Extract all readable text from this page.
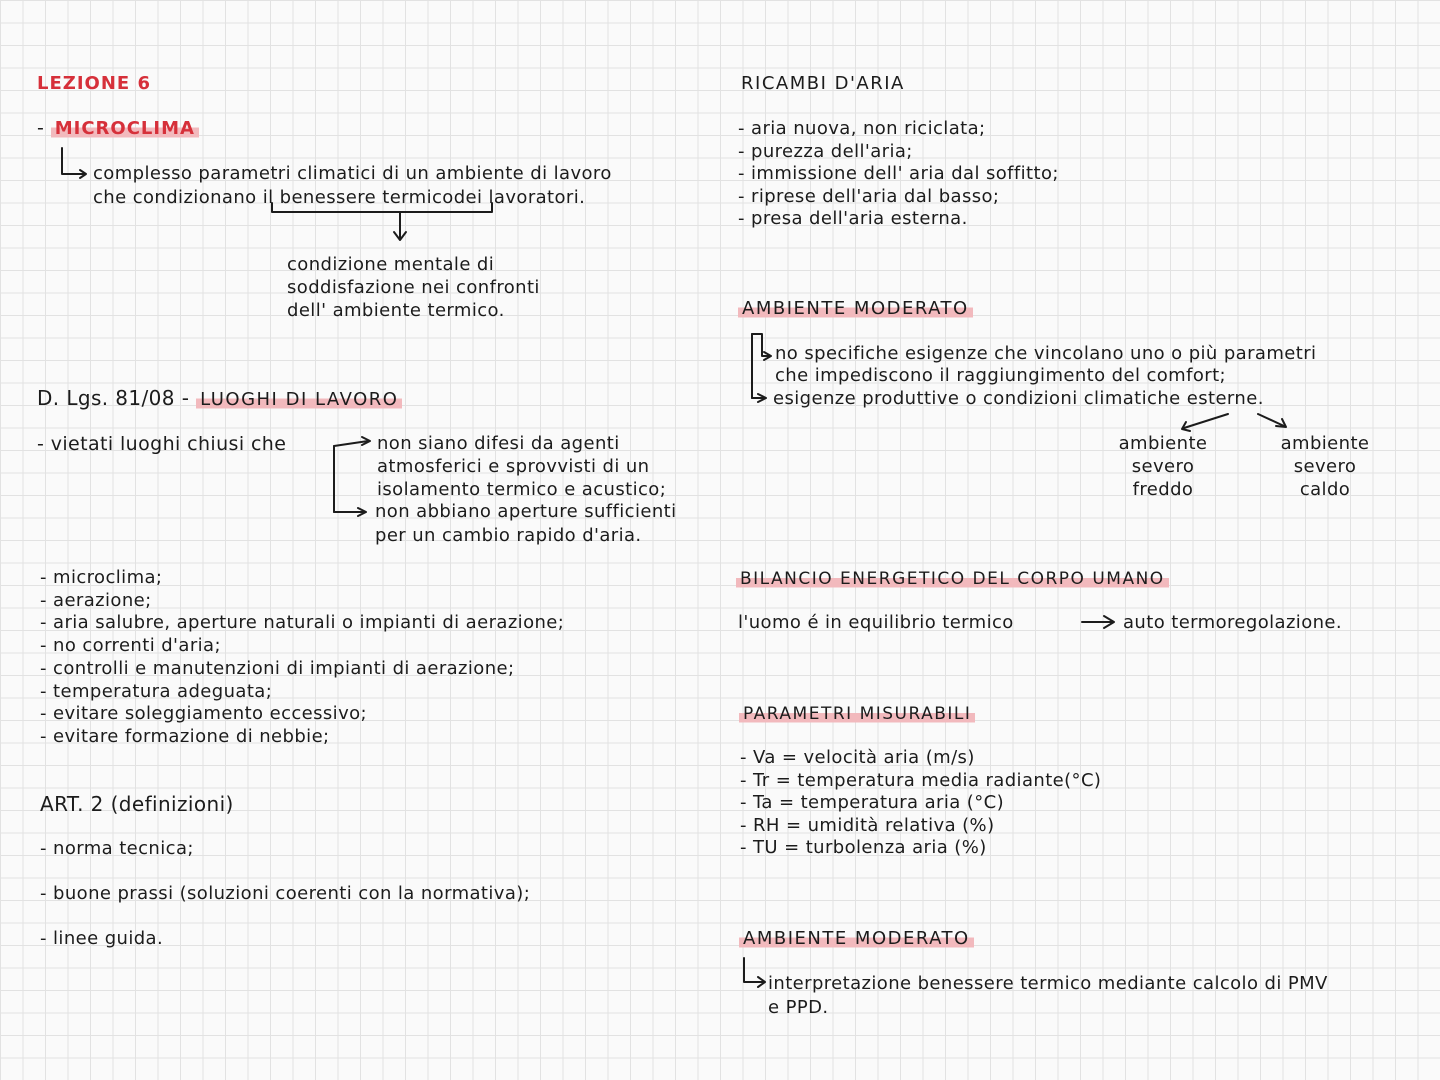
LEZIONE 6
- MICROCLIMA
complesso parametri climatici di un ambiente di lavoro
che condizionano il benessere termicodei lavoratori.
condizione mentale di
soddisfazione nei confronti
dell' ambiente termico.
D. Lgs. 81/08 - LUOGHI DI LAVORO
- vietati luoghi chiusi che	non siano difesi da agenti
atmosferici e sprovvisti di un
isolamento termico e acustico;
non abbiano aperture sufficienti
per un cambio rapido d'aria.
- microclima;
- aerazione;
- aria salubre, aperture naturali o impianti di aerazione;
- no correnti d'aria;
- controlli e manutenzioni di impianti di aerazione;
- temperatura adeguata;
- evitare soleggiamento eccessivo;
- evitare formazione di nebbie;
ART. 2 (definizioni)
- norma tecnica;
- buone prassi (soluzioni coerenti con la normativa);
- linee guida.
RICAMBI D'ARIA
- aria nuova, non riciclata;
- purezza dell'aria;
- immissione dell' aria dal soffitto;
- riprese dell'aria dal basso;
- presa dell'aria esterna.
AMBIENTE MODERATO
no specifiche esigenze che vincolano uno o più parametri
che impediscono il raggiungimento del comfort;
esigenze produttive o condizioni climatiche esterne.
ambiente
severo
freddo
ambiente
severo
caldo
BILANCIO ENERGETICO DEL CORPO UMANO
l'uomo é in equilibrio termico	auto termoregolazione.
PARAMETRI MISURABILI
- Va = velocità aria (m/s)
- Tr = temperatura media radiante(°C)
- Ta = temperatura aria (°C)
- RH = umidità relativa (%)
- TU = turbolenza aria (%)
AMBIENTE MODERATO
interpretazione benessere termico mediante calcolo di PMV
e PPD.
